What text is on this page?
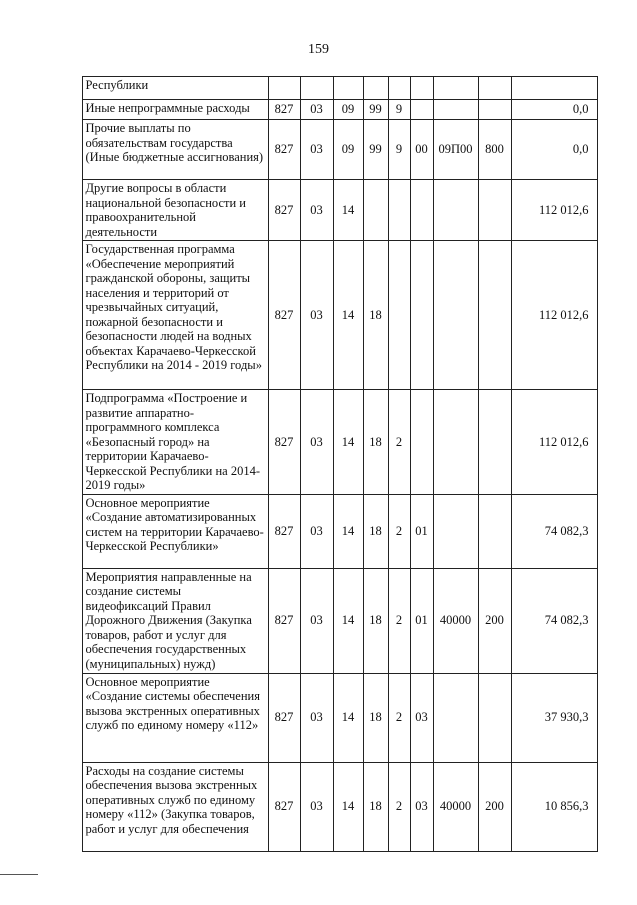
159
	Республики									
	Иные непрограммные расходы	827	03	09	99	9				0,0
	Прочие выплаты по обязательствам государства (Иные бюджетные ассигнования)	827	03	09	99	9	00	09П00	800	0,0
	Другие вопросы в области национальной безопасности и правоохранительной деятельности	827	03	14						112 012,6
	Государственная программа «Обеспечение мероприятий гражданской обороны, защиты населения и территорий от чрезвычайных ситуаций, пожарной безопасности и безопасности людей на водных объектах Карачаево-Черкесской Республики на 2014 - 2019 годы»	827	03	14	18					112 012,6
	Подпрограмма «Построение и развитие аппаратно-программного комплекса «Безопасный город» на территории Карачаево-Черкесской Республики на 2014-2019 годы»	827	03	14	18	2				112 012,6
	Основное мероприятие «Создание автоматизированных систем на территории Карачаево-Черкесской Республики»	827	03	14	18	2	01			74 082,3
	Мероприятия направленные на создание системы видеофиксаций Правил Дорожного Движения (Закупка товаров, работ и услуг для обеспечения государственных (муниципальных) нужд)	827	03	14	18	2	01	40000	200	74 082,3
	Основное мероприятие «Создание системы обеспечения вызова экстренных оперативных служб по единому номеру «112»	827	03	14	18	2	03			37 930,3
	Расходы на создание системы обеспечения вызова экстренных оперативных служб по единому номеру «112» (Закупка товаров, работ и услуг для обеспечения	827	03	14	18	2	03	40000	200	10 856,3
